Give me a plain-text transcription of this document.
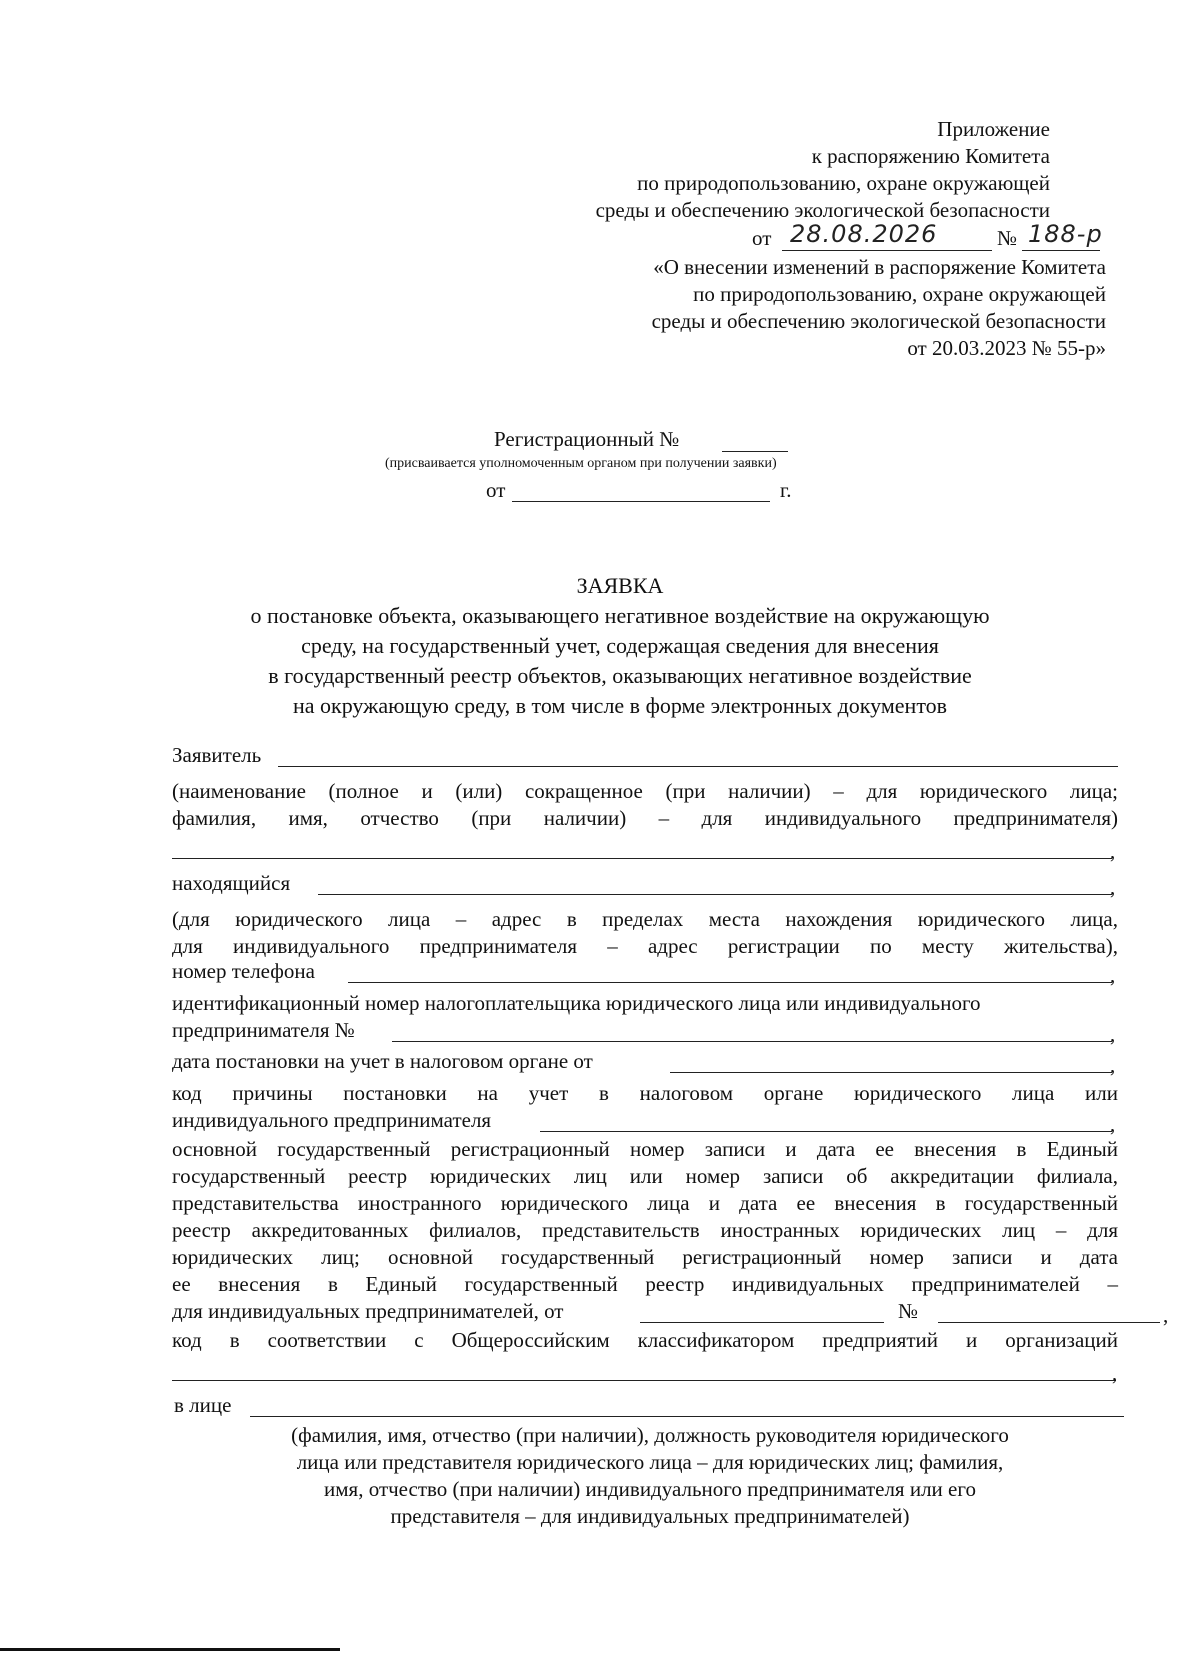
Приложение
к распоряжению Комитета
по природопользованию, охране окружающей
среды и обеспечению экологической безопасности
от 28.08.2026	№ 188-р
«О внесении изменений в распоряжение Комитета
по природопользованию, охране окружающей
среды и обеспечению экологической безопасности
от 20.03.2023 № 55-р»
Регистрационный №
(присваивается уполномоченным органом при получении заявки)
от	г.
ЗАЯВКА
о постановке объекта, оказывающего негативное воздействие на окружающую
среду, на государственный учет, содержащая сведения для внесения
в государственный реестр объектов, оказывающих негативное воздействие
на окружающую среду, в том числе в форме электронных документов
Заявитель
(наименование (полное и (или) сокращенное (при наличии) – для юридического лица;
фамилия, имя, отчество (при наличии) – для индивидуального предпринимателя)
,
находящийся	,
(для юридического лица – адрес в пределах места нахождения юридического лица,
для индивидуального предпринимателя – адрес регистрации по месту жительства),
номер телефона	,
идентификационный номер налогоплательщика юридического лица или индивидуального
предпринимателя №	,
дата постановки на учет в налоговом органе от	,
код причины постановки на учет в налоговом органе юридического лица или
индивидуального предпринимателя	,
основной государственный регистрационный номер записи и дата ее внесения в Единый
государственный реестр юридических лиц или номер записи об аккредитации филиала,
представительства иностранного юридического лица и дата ее внесения в государственный
реестр аккредитованных филиалов, представительств иностранных юридических лиц – для
юридических лиц; основной государственный регистрационный номер записи и дата
ее внесения в Единый государственный реестр индивидуальных предпринимателей –
для индивидуальных предпринимателей, от	№	,
код в соответствии с Общероссийским классификатором предприятий и организаций
,
в лице
(фамилия, имя, отчество (при наличии), должность руководителя юридического
лица или представителя юридического лица – для юридических лиц; фамилия,
имя, отчество (при наличии) индивидуального предпринимателя или его
представителя – для индивидуальных предпринимателей)
